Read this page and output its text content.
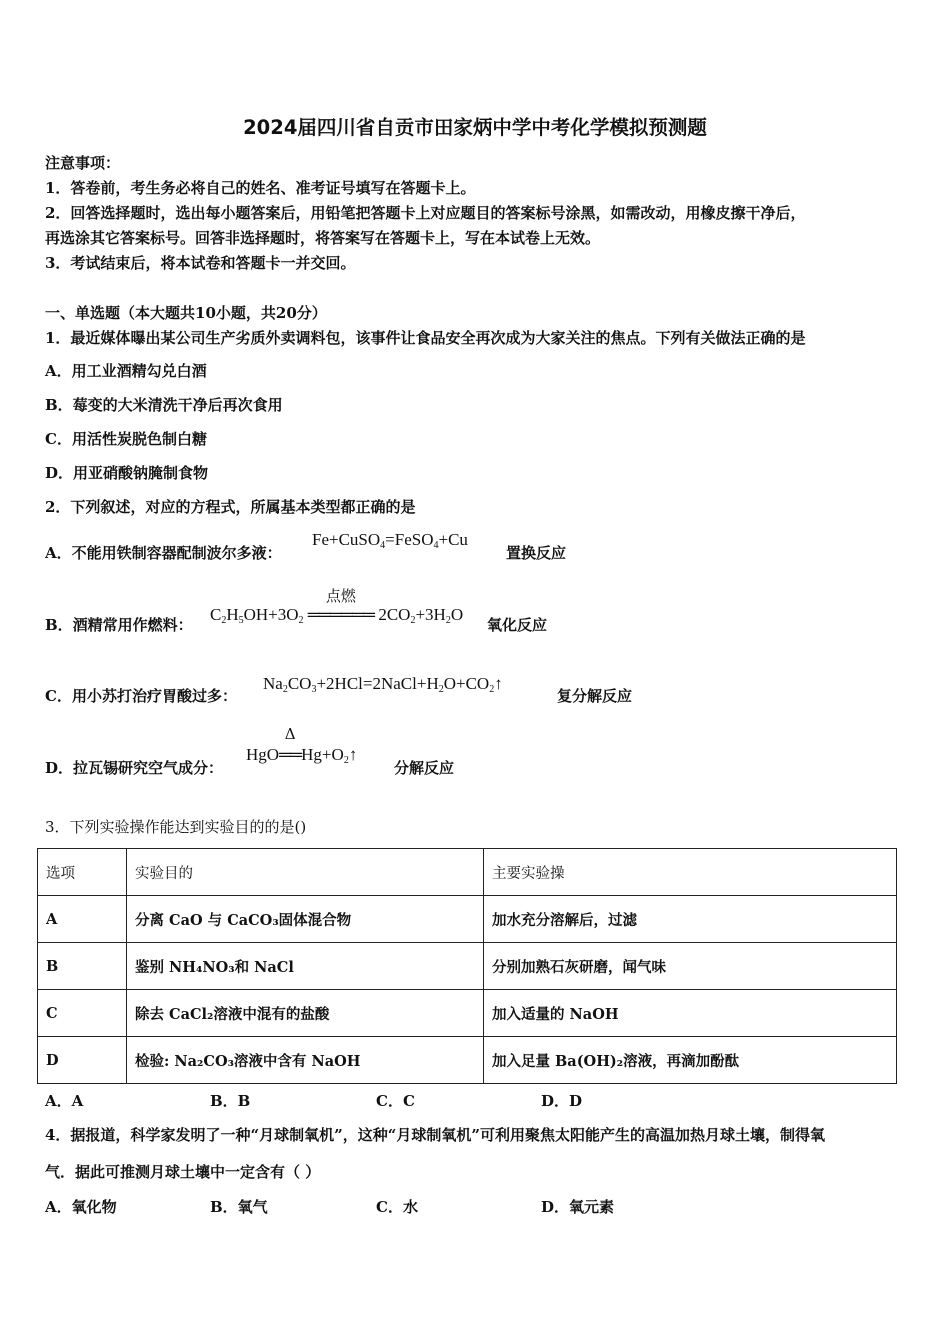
2024届四川省自贡市田家炳中学中考化学模拟预测题
注意事项：
1．答卷前，考生务必将自己的姓名、准考证号填写在答题卡上。
2．回答选择题时，选出每小题答案后，用铅笔把答题卡上对应题目的答案标号涂黑，如需改动，用橡皮擦干净后，
再选涂其它答案标号。回答非选择题时，将答案写在答题卡上，写在本试卷上无效。
3．考试结束后，将本试卷和答题卡一并交回。
一、单选题（本大题共10小题，共20分）
1．最近媒体曝出某公司生产劣质外卖调料包，该事件让食品安全再次成为大家关注的焦点。下列有关做法正确的是
A．用工业酒精勾兑白酒
B．莓变的大米清洗干净后再次食用
C．用活性炭脱色制白糖
D．用亚硝酸钠腌制食物
2．下列叙述，对应的方程式，所属基本类型都正确的是
A．不能用铁制容器配制波尔多液：
Fe+CuSO$_4$=FeSO$_4$+Cu
置换反应
B．酒精常用作燃料：
$C_2H_5OH+3O_2$
点燃
══════ $2CO_2+3H_2O$
氧化反应
C．用小苏打治疗胃酸过多：
$Na_2CO_3+2HCl=2NaCl+H_2O+CO_2↑$
复分解反应
D．拉瓦锡研究空气成分：
HgO
Δ
$══Hg+O_2↑$
分解反应
3．下列实验操作能达到实验目的的是()
选项	实验目的	主要实验操
A	分离 CaO 与 CaCO₃固体混合物	加水充分溶解后，过滤
B	鉴别 NH₄NO₃和 NaCl	分别加熟石灰研磨，闻气味
C	除去 CaCl₂溶液中混有的盐酸	加入适量的 NaOH
D	检验: Na₂CO₃溶液中含有 NaOH	加入足量 Ba(OH)₂溶液，再滴加酚酞
A．A	B．B	C．C	D．D
4．据报道，科学家发明了一种“月球制氧机”，这种“月球制氧机”可利用聚焦太阳能产生的高温加热月球土壤，制得氧
气．据此可推测月球土壤中一定含有（ ）
A．氧化物	B．氧气	C．水	D．氧元素
